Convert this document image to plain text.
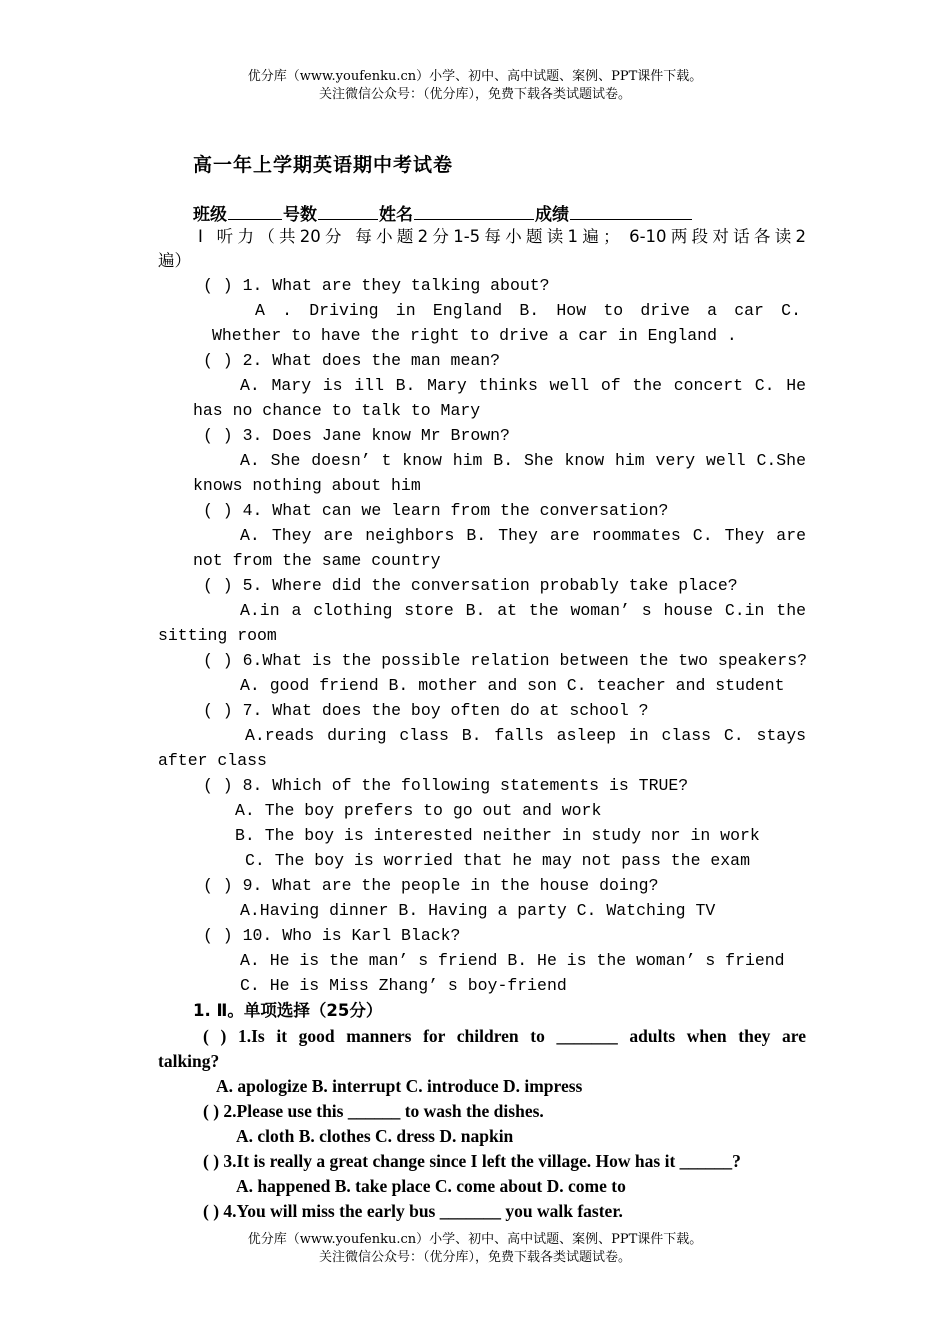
优分库（www.youfenku.cn）小学、初中、高中试题、案例、PPT课件下载。
关注微信公众号：（优分库），免费下载各类试题试卷。
高一年上学期英语期中考试卷
班级	号数	姓名	成绩
Ⅰ 听力（共20分 每小题2分1-5每小题读1遍； 6-10两段对话各读2
遍）
( ) 1. What are they talking about?
A . Driving in England B. How to drive a car C.
Whether to have the right to drive a car in England .
( ) 2. What does the man mean?
A. Mary is ill B. Mary thinks well of the concert C. He
has no chance to talk to Mary
( ) 3. Does Jane know Mr Brown?
A. She doesn’ t know him B. She know him very well C.She
knows nothing about him
( ) 4. What can we learn from the conversation?
A. They are neighbors B. They are roommates C. They are
not from the same country
( ) 5. Where did the conversation probably take place?
A.in a clothing store B. at the woman’ s house C.in the
sitting room
( ) 6.What is the possible relation between the two speakers?
A. good friend B. mother and son C. teacher and student
( ) 7. What does the boy often do at school ?
A.reads during class B. falls asleep in class C. stays
after class
( ) 8. Which of the following statements is TRUE?
A. The boy prefers to go out and work
B. The boy is interested neither in study nor in work
C. The boy is worried that he may not pass the exam
( ) 9. What are the people in the house doing?
A.Having dinner B. Having a party C. Watching TV
( ) 10. Who is Karl Black?
A. He is the man’ s friend B. He is the woman’ s friend
C. He is Miss Zhang’ s boy-friend
1. Ⅱ。单项选择（25分）
( ) 1.Is it good manners for children to _______ adults when they are
talking?
A. apologize B. interrupt C. introduce D. impress
( ) 2.Please use this ______ to wash the dishes.
A. cloth B. clothes C. dress D. napkin
( ) 3.It is really a great change since I left the village. How has it ______?
A. happened B. take place C. come about D. come to
( ) 4.You will miss the early bus _______ you walk faster.
优分库（www.youfenku.cn）小学、初中、高中试题、案例、PPT课件下载。
关注微信公众号：（优分库），免费下载各类试题试卷。
